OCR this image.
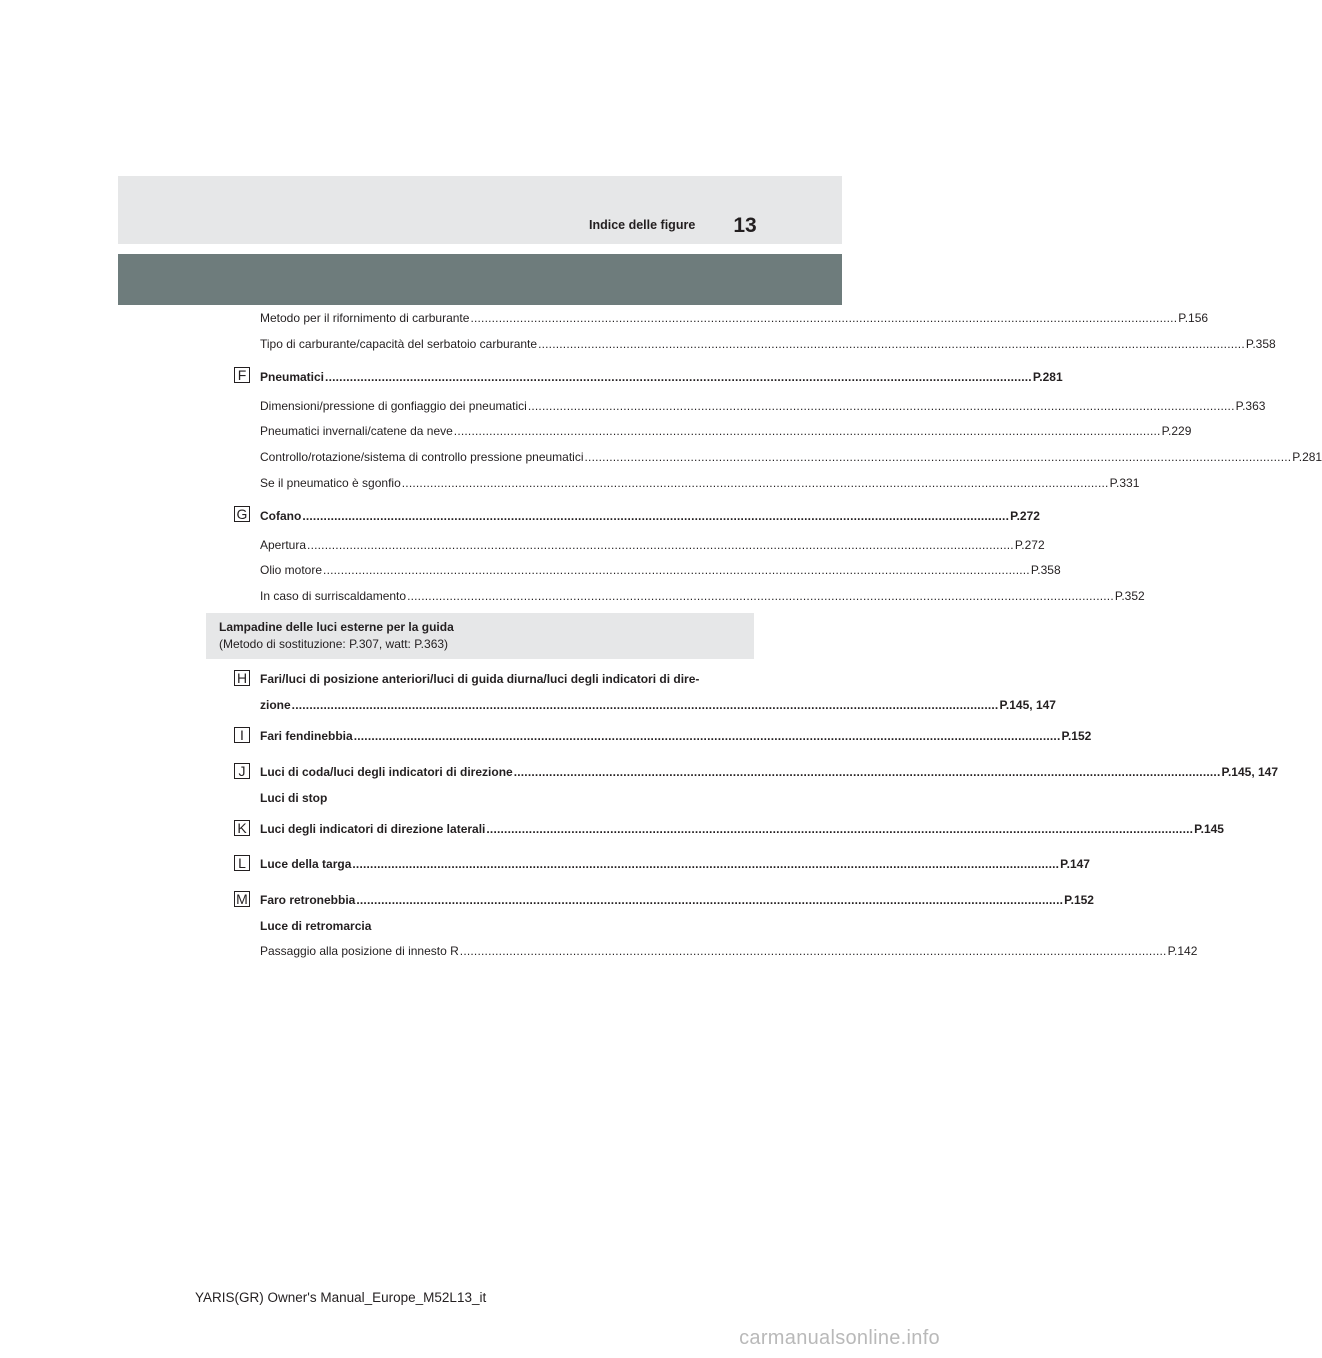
Indice delle figure	13
Metodo per il rifornimento di carburante ........................................................................................................................................................................................................ P.156
Tipo di carburante/capacità del serbatoio carburante ........................................................................................................................................................................................................ P.358
F	Pneumatici ........................................................................................................................................................................................................ P.281
Dimensioni/pressione di gonfiaggio dei pneumatici ........................................................................................................................................................................................................ P.363
Pneumatici invernali/catene da neve ........................................................................................................................................................................................................ P.229
Controllo/rotazione/sistema di controllo pressione pneumatici ........................................................................................................................................................................................................ P.281
Se il pneumatico è sgonfio ........................................................................................................................................................................................................ P.331
G Cofano ........................................................................................................................................................................................................ P.272
Apertura ........................................................................................................................................................................................................ P.272
Olio motore ........................................................................................................................................................................................................ P.358
In caso di surriscaldamento ........................................................................................................................................................................................................ P.352
Lampadine delle luci esterne per la guida
(Metodo di sostituzione: P.307, watt: P.363)
H Fari/luci di posizione anteriori/luci di guida diurna/luci degli indicatori di dire-
zione ........................................................................................................................................................................................................ P.145, 147
I	Fari fendinebbia ........................................................................................................................................................................................................ P.152
J	Luci di coda/luci degli indicatori di direzione ........................................................................................................................................................................................................ P.145, 147
Luci di stop
K Luci degli indicatori di direzione laterali ........................................................................................................................................................................................................ P.145
L	Luce della targa ........................................................................................................................................................................................................ P.147
M Faro retronebbia ........................................................................................................................................................................................................ P.152
Luce di retromarcia
Passaggio alla posizione di innesto R ........................................................................................................................................................................................................ P.142
YARIS(GR) Owner's Manual_Europe_M52L13_it
carmanualsonline.info
